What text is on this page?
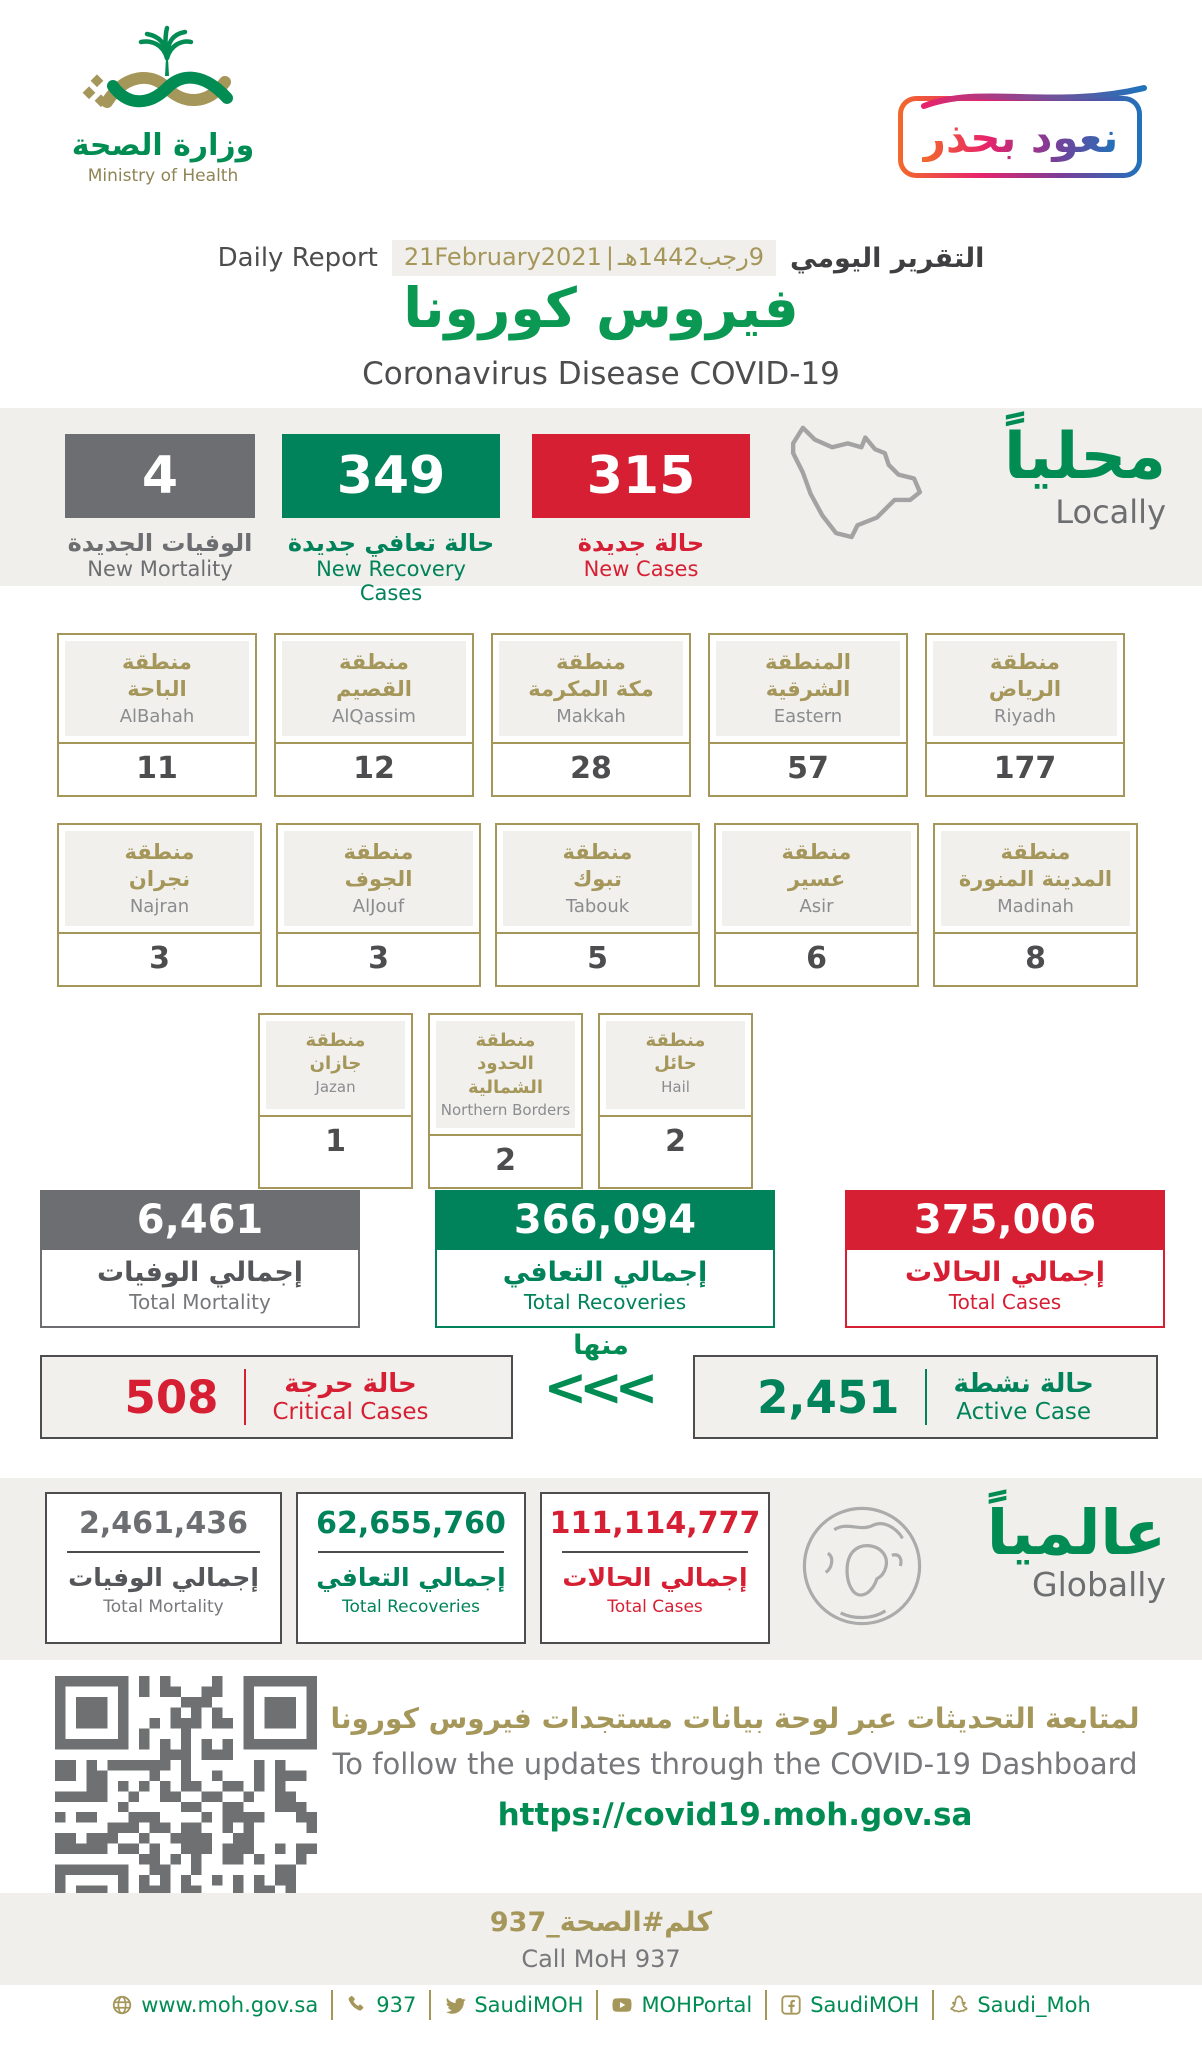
وزارة الصحة
Ministry of Health
نعود بحذر
Daily Report 21February2021 | 9رجب1442هـ التقرير اليومي
فيروس كورونا
Coronavirus Disease COVID-19
4
الوفيات الجديدة
New Mortality
349
حالة تعافي جديدة
New Recovery Cases
315
حالة جديدة
New Cases
محلياً
Locally
منطقة
الباحة
AlBahah
11
منطقة
القصيم
AlQassim
12
منطقة
مكة المكرمة
Makkah
28
المنطقة
الشرقية
Eastern
57
منطقة
الرياض
Riyadh
177
منطقة
نجران
Najran
3
منطقة
الجوف
AlJouf
3
منطقة
تبوك
Tabouk
5
منطقة
عسير
Asir
6
منطقة
المدينة المنورة
Madinah
8
منطقة
جازان
Jazan
1
منطقة
الحدود الشمالية
Northern Borders
2
منطقة
حائل
Hail
2
6,461
إجمالي الوفيات
Total Mortality
366,094
إجمالي التعافي
Total Recoveries
375,006
إجمالي الحالات
Total Cases
منها
<<<
508	حالة حرجة
Critical Cases	2,451 حالة نشطة
Active Case
2,461,436
إجمالي الوفيات
Total Mortality
62,655,760
إجمالي التعافي
Total Recoveries
111,114,777
إجمالي الحالات
Total Cases
عالمياً
Globally
لمتابعة التحديثات عبر لوحة بيانات مستجدات فيروس كورونا
To follow the updates through the COVID-19 Dashboard
https://covid19.moh.gov.sa
كلم#الصحة_937
Call MoH 937
www.moh.gov.sa	937	SaudiMOH	MOHPortal	SaudiMOH	Saudi_Moh
